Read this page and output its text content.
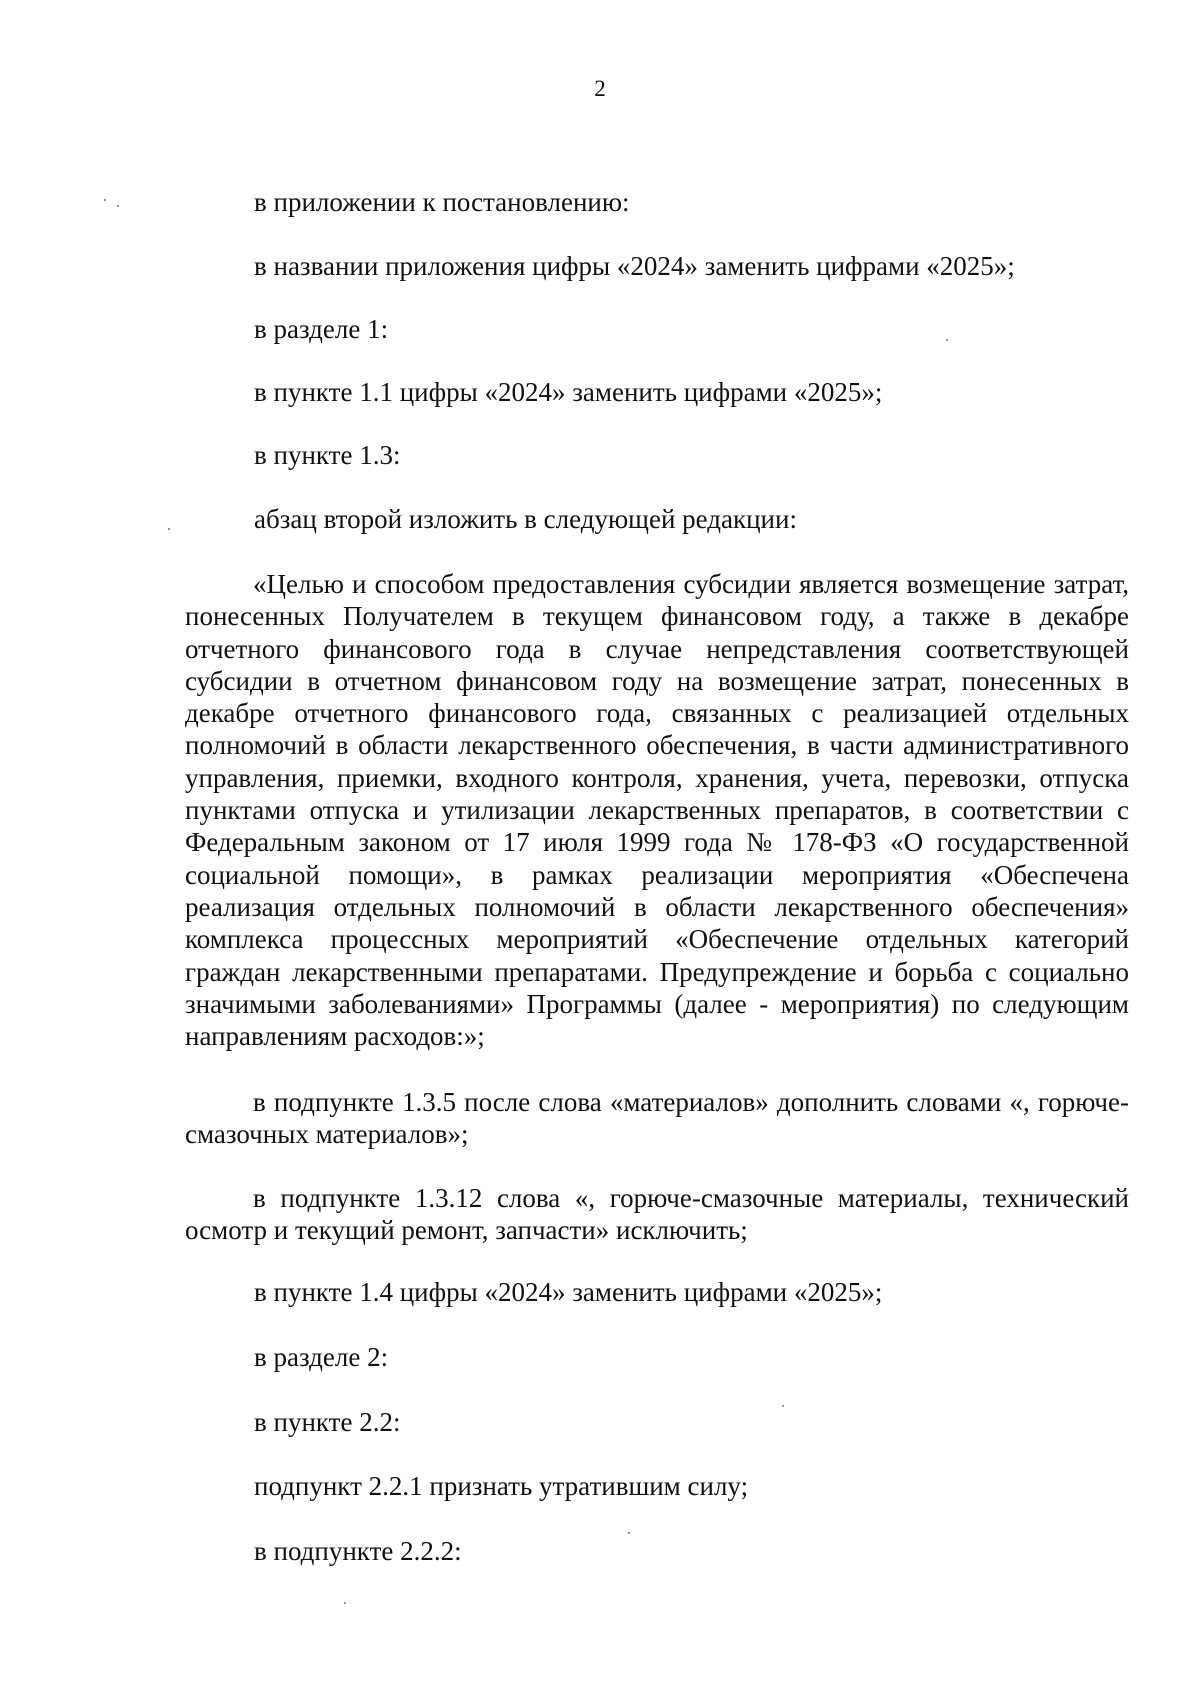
2
в приложении к постановлению:
в названии приложения цифры «2024» заменить цифрами «2025»;
в разделе 1:
в пункте 1.1 цифры «2024» заменить цифрами «2025»;
в пункте 1.3:
абзац второй изложить в следующей редакции:
«Целью и способом предоставления субсидии является возмещение затрат, понесенных Получателем в текущем финансовом году, а также в декабре отчетного финансового года в случае непредставления соответствующей субсидии в отчетном финансовом году на возмещение затрат, понесенных в декабре отчетного финансового года, связанных с реализацией отдельных полномочий в области лекарственного обеспечения, в части административного управления, приемки, входного контроля, хранения, учета, перевозки, отпуска пунктами отпуска и утилизации лекарственных препаратов, в соответствии с Федеральным законом от 17 июля 1999 года № 178-ФЗ «О государственной социальной помощи», в рамках реализации мероприятия «Обеспечена реализация отдельных полномочий в области лекарственного обеспечения» комплекса процессных мероприятий «Обеспечение отдельных категорий граждан лекарственными препаратами. Предупреждение и борьба с социально значимыми заболеваниями» Программы (далее - мероприятия) по следующим направлениям расходов:»;
в подпункте 1.3.5 после слова «материалов» дополнить словами «, горюче-смазочных материалов»;
в подпункте 1.3.12 слова «, горюче-смазочные материалы, технический осмотр и текущий ремонт, запчасти» исключить;
в пункте 1.4 цифры «2024» заменить цифрами «2025»;
в разделе 2:
в пункте 2.2:
подпункт 2.2.1 признать утратившим силу;
в подпункте 2.2.2:
